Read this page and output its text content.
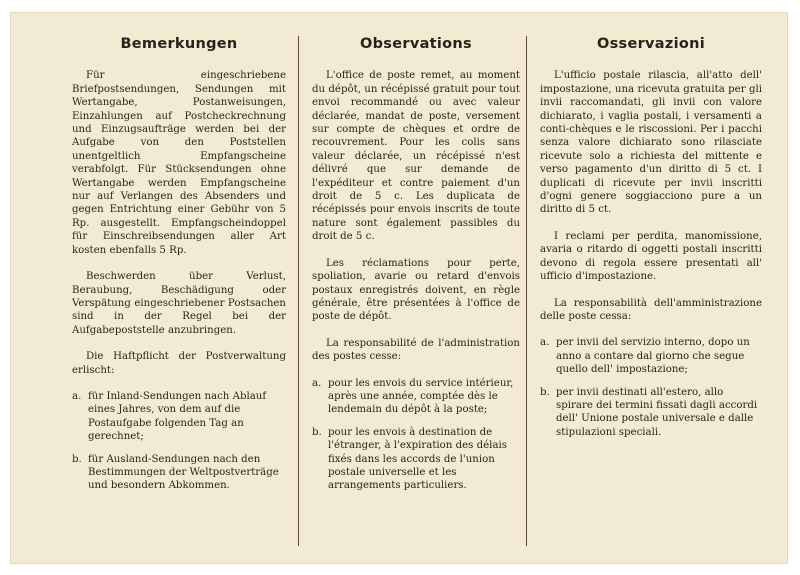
Bemerkungen

Für eingeschriebene Briefpostsendungen, Sendungen mit Wertangabe, Postanweisungen, Einzahlungen auf Postcheckrechnung und Einzugsaufträge werden bei der Aufgabe von den Poststellen unentgeltlich Empfangscheine verabfolgt. Für Stücksendungen ohne Wertangabe werden Empfangscheine nur auf Verlangen des Absenders und gegen Entrichtung einer Gebühr von 5 Rp. ausgestellt. Empfangscheindoppel für Einschreibsendungen aller Art kosten ebenfalls 5 Rp.

Beschwerden über Verlust, Beraubung, Beschädigung oder Verspätung eingeschriebener Postsachen sind in der Regel bei der Aufgabepoststelle anzubringen.

Die Haftpflicht der Postverwaltung erlischt:

a. für Inland-Sendungen nach Ablauf eines Jahres, von dem auf die Postaufgabe folgenden Tag an gerechnet;
b. für Ausland-Sendungen nach den Bestimmungen der Weltpostverträge und besondern Abkommen.
Observations

L'office de poste remet, au moment du dépôt, un récépissé gratuit pour tout envoi recommandé ou avec valeur déclarée, mandat de poste, versement sur compte de chèques et ordre de recouvrement. Pour les colis sans valeur déclarée, un récépissé n'est délivré que sur demande de l'expéditeur et contre paiement d'un droit de 5 c. Les duplicata de récépissés pour envois inscrits de toute nature sont également passibles du droit de 5 c.

Les réclamations pour perte, spoliation, avarie ou retard d'envois postaux enregistrés doivent, en règle générale, être présentées à l'office de poste de dépôt.

La responsabilité de l'administration des postes cesse:

a. pour les envois du service intérieur, après une année, comptée dès le lendemain du dépôt à la poste;
b. pour les envois à destination de l'étranger, à l'expiration des délais fixés dans les accords de l'union postale universelle et les arrangements particuliers.
Osservazioni

L'ufficio postale rilascia, all'atto dell' impostazione, una ricevuta gratuita per gli invii raccomandati, gli invii con valore dichiarato, i vaglia postali, i versamenti a conti-chèques e le riscossioni. Per i pacchi senza valore dichiarato sono rilasciate ricevute solo a richiesta del mittente e verso pagamento d'un diritto di 5 ct. I duplicati di ricevute per invii inscritti d'ogni genere soggiacciono pure a un diritto di 5 ct.

I reclami per perdita, manomissione, avaria o ritardo di oggetti postali inscritti devono di regola essere presentati all' ufficio d'impostazione.

La responsabilità dell'amministrazione delle poste cessa:

a. per invii del servizio interno, dopo un anno a contare dal giorno che segue quello dell' impostazione;
b. per invii destinati all'estero, allo spirare dei termini fissati dagli accordi dell' Unione postale universale e dalle stipulazioni speciali.
